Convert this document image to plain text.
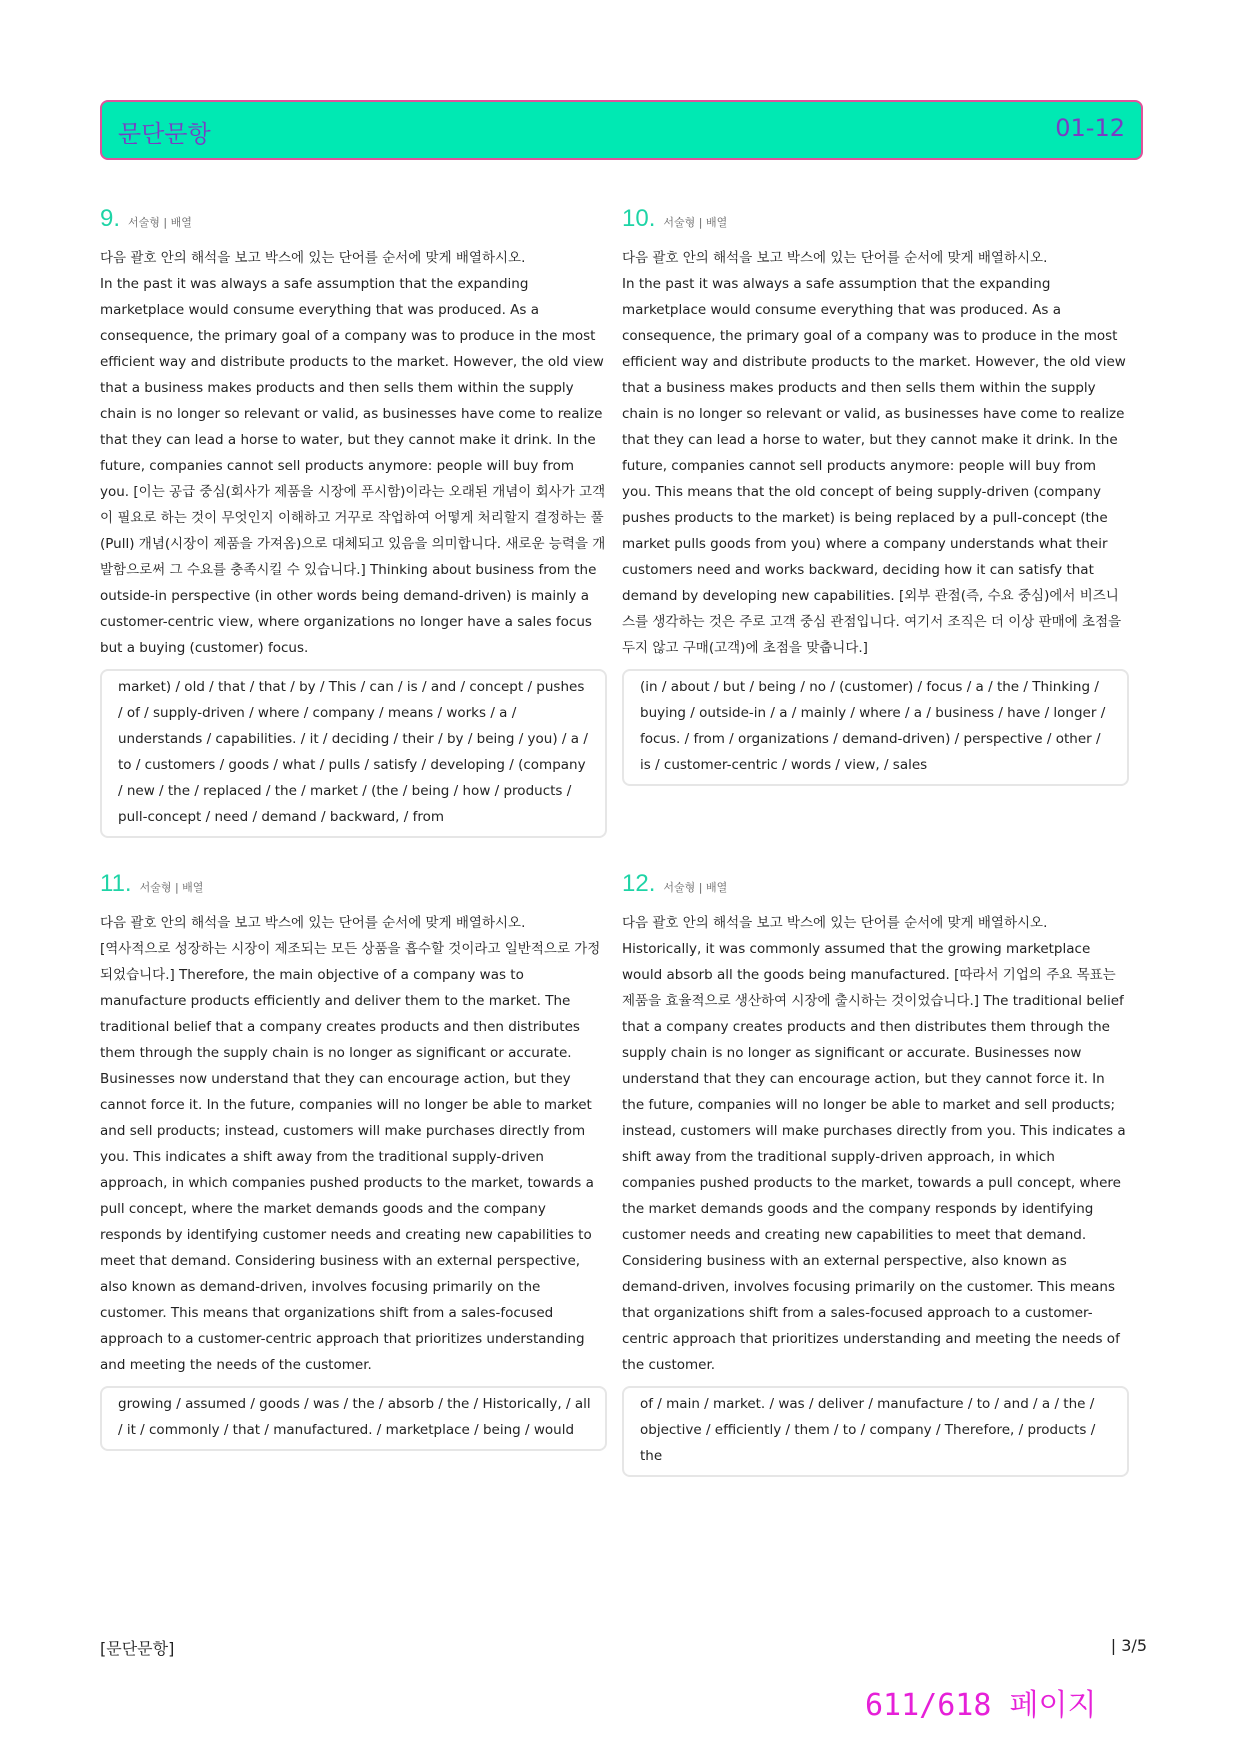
문단문항	01-12
9. 서술형 | 배열

다음 괄호 안의 해석을 보고 박스에 있는 단어를 순서에 맞게 배열하시오.

In the past it was always a safe assumption that the expanding marketplace would consume everything that was produced. As a consequence, the primary goal of a company was to produce in the most efficient way and distribute products to the market. However, the old view that a business makes products and then sells them within the supply chain is no longer so relevant or valid, as businesses have come to realize that they can lead a horse to water, but they cannot make it drink. In the future, companies cannot sell products anymore: people will buy from you. [이는 공급 중심(회사가 제품을 시장에 푸시함)이라는 오래된 개념이 회사가 고객이 필요로 하는 것이 무엇인지 이해하고 거꾸로 작업하여 어떻게 처리할지 결정하는 풀(Pull) 개념(시장이 제품을 가져옴)으로 대체되고 있음을 의미합니다. 새로운 능력을 개발함으로써 그 수요를 충족시킬 수 있습니다.] Thinking about business from the outside-in perspective (in other words being demand-driven) is mainly a customer-centric view, where organizations no longer have a sales focus but a buying (customer) focus.

market) / old / that / that / by / This / can / is / and / concept / pushes / of / supply-driven / where / company / means / works / a / understands / capabilities. / it / deciding / their / by / being / you) / a / to / customers / goods / what / pulls / satisfy / developing / (company / new / the / replaced / the / market / (the / being / how / products / pull-concept / need / demand / backward, / from
10. 서술형 | 배열

다음 괄호 안의 해석을 보고 박스에 있는 단어를 순서에 맞게 배열하시오.

In the past it was always a safe assumption that the expanding marketplace would consume everything that was produced. As a consequence, the primary goal of a company was to produce in the most efficient way and distribute products to the market. However, the old view that a business makes products and then sells them within the supply chain is no longer so relevant or valid, as businesses have come to realize that they can lead a horse to water, but they cannot make it drink. In the future, companies cannot sell products anymore: people will buy from you. This means that the old concept of being supply-driven (company pushes products to the market) is being replaced by a pull-concept (the market pulls goods from you) where a company understands what their customers need and works backward, deciding how it can satisfy that demand by developing new capabilities. [외부 관점(즉, 수요 중심)에서 비즈니스를 생각하는 것은 주로 고객 중심 관점입니다. 여기서 조직은 더 이상 판매에 초점을 두지 않고 구매(고객)에 초점을 맞춥니다.]

(in / about / but / being / no / (customer) / focus / a / the / Thinking / buying / outside-in / a / mainly / where / a / business / have / longer / focus. / from / organizations / demand-driven) / perspective / other / is / customer-centric / words / view, / sales
11. 서술형 | 배열

다음 괄호 안의 해석을 보고 박스에 있는 단어를 순서에 맞게 배열하시오.

[역사적으로 성장하는 시장이 제조되는 모든 상품을 흡수할 것이라고 일반적으로 가정되었습니다.] Therefore, the main objective of a company was to manufacture products efficiently and deliver them to the market. The traditional belief that a company creates products and then distributes them through the supply chain is no longer as significant or accurate. Businesses now understand that they can encourage action, but they cannot force it. In the future, companies will no longer be able to market and sell products; instead, customers will make purchases directly from you. This indicates a shift away from the traditional supply-driven approach, in which companies pushed products to the market, towards a pull concept, where the market demands goods and the company responds by identifying customer needs and creating new capabilities to meet that demand. Considering business with an external perspective, also known as demand-driven, involves focusing primarily on the customer. This means that organizations shift from a sales-focused approach to a customer-centric approach that prioritizes understanding and meeting the needs of the customer.

growing / assumed / goods / was / the / absorb / the / Historically, / all / it / commonly / that / manufactured. / marketplace / being / would
12. 서술형 | 배열

다음 괄호 안의 해석을 보고 박스에 있는 단어를 순서에 맞게 배열하시오.

Historically, it was commonly assumed that the growing marketplace would absorb all the goods being manufactured. [따라서 기업의 주요 목표는 제품을 효율적으로 생산하여 시장에 출시하는 것이었습니다.] The traditional belief that a company creates products and then distributes them through the supply chain is no longer as significant or accurate. Businesses now understand that they can encourage action, but they cannot force it. In the future, companies will no longer be able to market and sell products; instead, customers will make purchases directly from you. This indicates a shift away from the traditional supply-driven approach, in which companies pushed products to the market, towards a pull concept, where the market demands goods and the company responds by identifying customer needs and creating new capabilities to meet that demand. Considering business with an external perspective, also known as demand-driven, involves focusing primarily on the customer. This means that organizations shift from a sales-focused approach to a customer-centric approach that prioritizes understanding and meeting the needs of the customer.

of / main / market. / was / deliver / manufacture / to / and / a / the / objective / efficiently / them / to / company / Therefore, / products / the
[문단문항]	| 3/5
611/618 페이지
